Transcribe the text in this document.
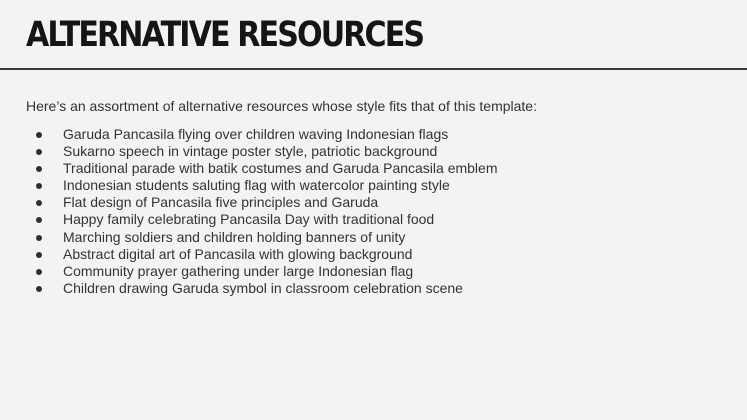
ALTERNATIVE RESOURCES

Here’s an assortment of alternative resources whose style fits that of this template:

Garuda Pancasila flying over children waving Indonesian flags
Sukarno speech in vintage poster style, patriotic background
Traditional parade with batik costumes and Garuda Pancasila emblem
Indonesian students saluting flag with watercolor painting style
Flat design of Pancasila five principles and Garuda
Happy family celebrating Pancasila Day with traditional food
Marching soldiers and children holding banners of unity
Abstract digital art of Pancasila with glowing background
Community prayer gathering under large Indonesian flag
Children drawing Garuda symbol in classroom celebration scene
